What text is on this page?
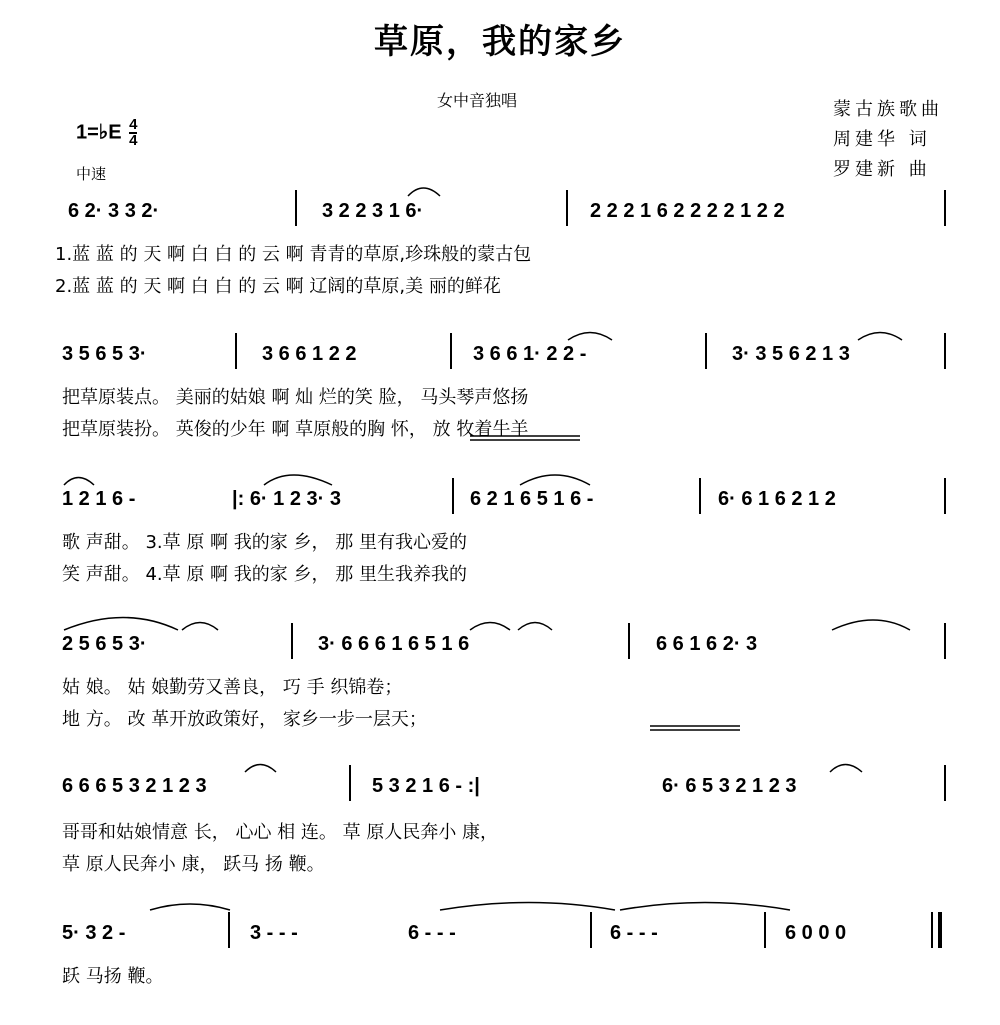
草原，我的家乡
女中音独唱	蒙古族歌曲
周建华 词
罗建新 曲
1=♭E $\frac{4}{4}$
中速
6 2· 3 3 2·	3 2 2 3 1 6·	2 2 2 1 6 2 2 2 2 1 2 2
1.蓝 蓝 的 天 啊 白 白 的 云 啊 青青的草原,珍珠般的蒙古包
2.蓝 蓝 的 天 啊 白 白 的 云 啊 辽阔的草原,美 丽的鲜花
3 5 6 5 3·	3 6 6 1 2 2	3 6 6 1· 2 2 -	3· 3 5 6 2 1 3
把草原装点。 美丽的姑娘 啊 灿 烂的笑 脸， 马头琴声悠扬
把草原装扮。 英俊的少年 啊 草原般的胸 怀， 放 牧着牛羊
1 2 1 6 -	|: 6· 1 2 3· 3	6 2 1 6 5 1 6 -	6· 6 1 6 2 1 2
歌 声甜。 3.草 原 啊 我的家 乡， 那 里有我心爱的
笑 声甜。 4.草 原 啊 我的家 乡， 那 里生我养我的
2 5 6 5 3·	3· 6 6 6 1 6 5 1 6	6 6 1 6 2· 3
姑 娘。 姑 娘勤劳又善良， 巧 手 织锦卷；
地 方。 改 革开放政策好， 家乡一步一层天；
6 6 6 5 3 2 1 2 3	5 3 2 1 6 - :|	6· 6 5 3 2 1 2 3
哥哥和姑娘情意 长， 心心 相 连。 草 原人民奔小 康，
草 原人民奔小 康， 跃马 扬 鞭。
5· 3 2 -	3 - - -	6 - - -	6 - - -	6 0 0 0
跃 马扬 鞭。
